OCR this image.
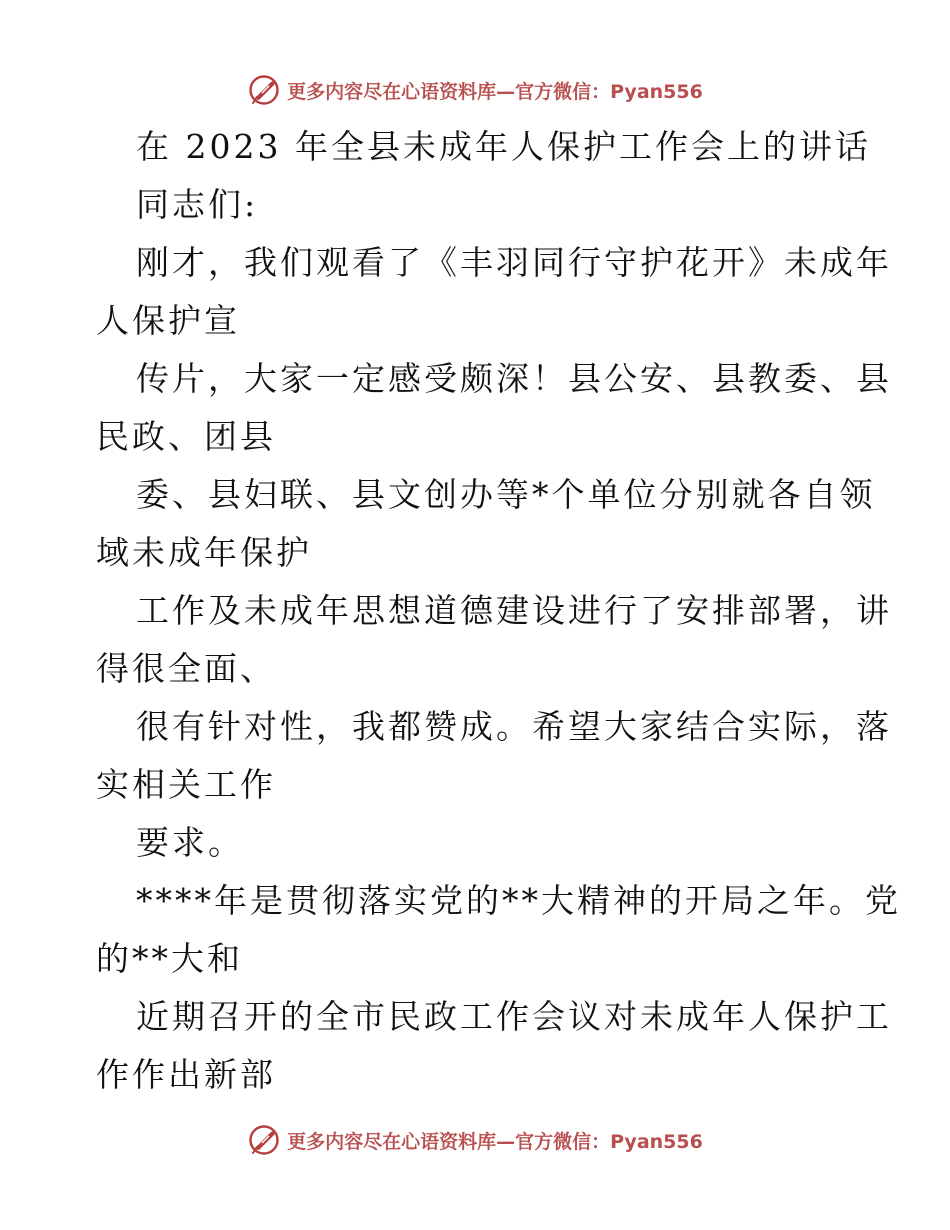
更多内容尽在心语资料库—官方微信：Pyan556
在 2023 年全县未成年人保护工作会上的讲话
同志们:
刚才，我们观看了《丰羽同行守护花开》未成年
人保护宣
传片，大家一定感受颇深！县公安、县教委、县
民政、团县
委、县妇联、县文创办等*个单位分别就各自领
域未成年保护
工作及未成年思想道德建设进行了安排部署，讲
得很全面、
很有针对性，我都赞成。希望大家结合实际，落
实相关工作
要求。
****年是贯彻落实党的**大精神的开局之年。党
的**大和
近期召开的全市民政工作会议对未成年人保护工
作作出新部
更多内容尽在心语资料库—官方微信：Pyan556
